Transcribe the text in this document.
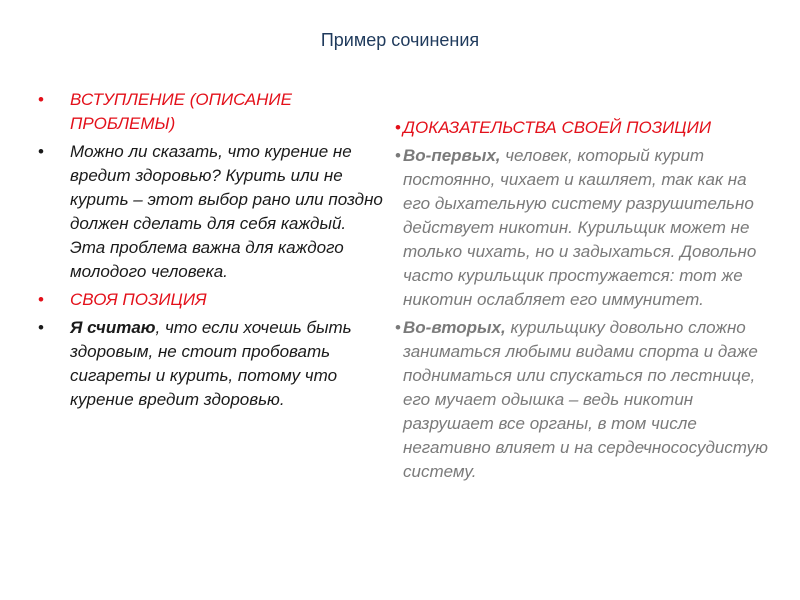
Пример сочинения
• ВСТУПЛЕНИЕ (ОПИСАНИЕ ПРОБЛЕМЫ)
• Можно ли сказать, что курение не вредит здоровью? Курить или не курить – этот выбор рано или поздно должен сделать для себя каждый. Эта проблема важна для каждого молодого человека.
• СВОЯ ПОЗИЦИЯ
• Я считаю, что если хочешь быть здоровым, не стоит пробовать сигареты и курить, потому что курение вредит здоровью.
• ДОКАЗАТЕЛЬСТВА СВОЕЙ ПОЗИЦИИ
• Во-первых, человек, который курит постоянно, чихает и кашляет, так как на его дыхательную систему разрушительно действует никотин. Курильщик может не только чихать, но и задыхаться. Довольно часто курильщик простужается: тот же никотин ослабляет его иммунитет.
• Во-вторых, курильщику довольно сложно заниматься любыми видами спорта и даже подниматься или спускаться по лестнице, его мучает одышка – ведь никотин разрушает все органы, в том числе негативно влияет и на сердечнососудистую систему.
